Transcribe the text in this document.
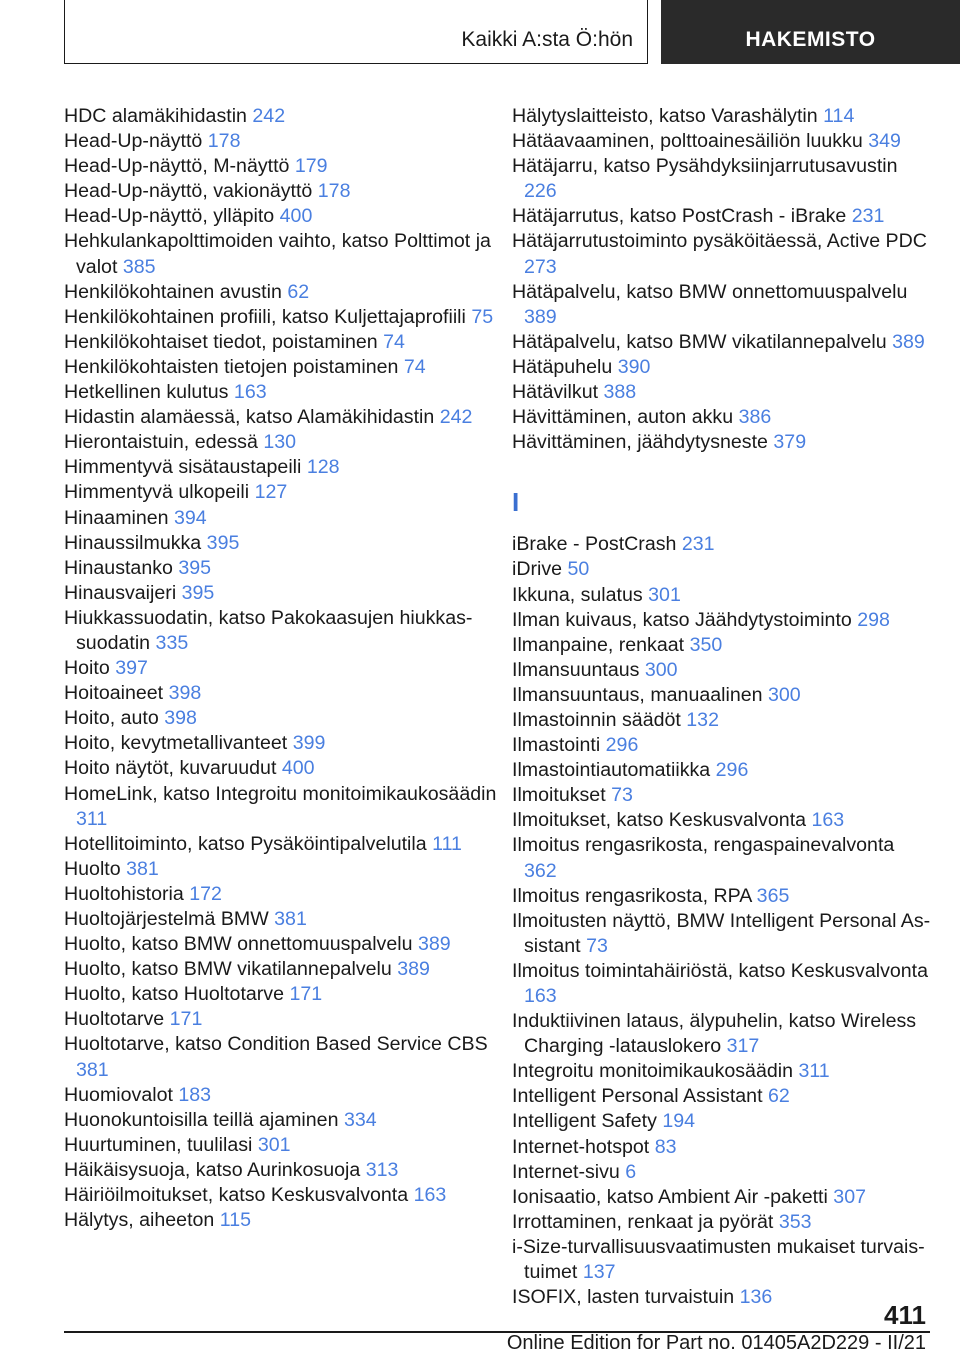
Kaikki A:sta Ö:hön	HAKEMISTO
HDC alamäkihidastin 242
Head-Up-näyttö 178
Head-Up-näyttö, M-näyttö 179
Head-Up-näyttö, vakionäyttö 178
Head-Up-näyttö, ylläpito 400
Hehkulankapolttimoiden vaihto, katso Polttimot ja valot 385
Henkilökohtainen avustin 62
Henkilökohtainen profiili, katso Kuljettajaprofiili 75
Henkilökohtaiset tiedot, poistaminen 74
Henkilökohtaisten tietojen poistaminen 74
Hetkellinen kulutus 163
Hidastin alamäessä, katso Alamäkihidastin 242
Hierontaistuin, edessä 130
Himmentyvä sisätaustapeili 128
Himmentyvä ulkopeili 127
Hinaaminen 394
Hinaussilmukka 395
Hinaustanko 395
Hinausvaijeri 395
Hiukkassuodatin, katso Pakokaasujen hiukkassuodatin 335
Hoito 397
Hoitoaineet 398
Hoito, auto 398
Hoito, kevytmetallivanteet 399
Hoito näytöt, kuvaruudut 400
HomeLink, katso Integroitu monitoimikaukosäädin 311
Hotellitoiminto, katso Pysäköintipalvelutila 111
Huolto 381
Huoltohistoria 172
Huoltojärjestelmä BMW 381
Huolto, katso BMW onnettomuuspalvelu 389
Huolto, katso BMW vikatilannepalvelu 389
Huolto, katso Huoltotarve 171
Huoltotarve 171
Huoltotarve, katso Condition Based Service CBS 381
Huomiovalot 183
Huonokuntoisilla teillä ajaminen 334
Huurtuminen, tuulilasi 301
Häikäisysuoja, katso Aurinkosuoja 313
Häiriöilmoitukset, katso Keskusvalvonta 163
Hälytys, aiheeton 115
Hälytyslaitteisto, katso Varashälytin 114
Hätäavaaminen, polttoainesäiliön luukku 349
Hätäjarru, katso Pysähdyksiinjarrutusavustin 226
Hätäjarrutus, katso PostCrash - iBrake 231
Hätäjarrutustoiminto pysäköitäessä, Active PDC 273
Hätäpalvelu, katso BMW onnettomuuspalvelu 389
Hätäpalvelu, katso BMW vikatilannepalvelu 389
Hätäpuhelu 390
Hätävilkut 388
Hävittäminen, auton akku 386
Hävittäminen, jäähdytysneste 379
I
iBrake - PostCrash 231
iDrive 50
Ikkuna, sulatus 301
Ilman kuivaus, katso Jäähdytystoiminto 298
Ilmanpaine, renkaat 350
Ilmansuuntaus 300
Ilmansuuntaus, manuaalinen 300
Ilmastoinnin säädöt 132
Ilmastointi 296
Ilmastointiautomatiikka 296
Ilmoitukset 73
Ilmoitukset, katso Keskusvalvonta 163
Ilmoitus rengasrikosta, rengaspainevalvonta 362
Ilmoitus rengasrikosta, RPA 365
Ilmoitusten näyttö, BMW Intelligent Personal Assistant 73
Ilmoitus toimintahäiriöstä, katso Keskusvalvonta 163
Induktiivinen lataus, älypuhelin, katso Wireless Charging -latauslokero 317
Integroitu monitoimikaukosäädin 311
Intelligent Personal Assistant 62
Intelligent Safety 194
Internet-hotspot 83
Internet-sivu 6
Ionisaatio, katso Ambient Air -paketti 307
Irrottaminen, renkaat ja pyörät 353
i-Size-turvallisuusvaatimusten mukaiset turvaistuimet 137
ISOFIX, lasten turvaistuin 136
411
Online Edition for Part no. 01405A2D229 - II/21
